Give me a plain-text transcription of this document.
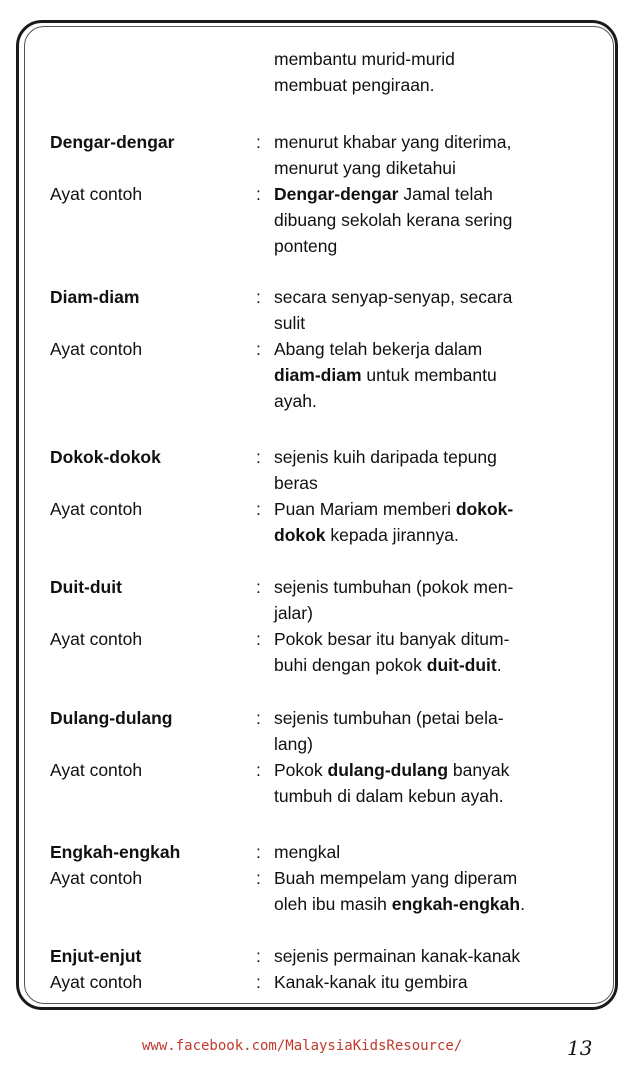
membantu murid-murid
membuat pengiraan.
Dengar-dengar	: menurut khabar yang diterima,
menurut yang diketahui
Ayat contoh	: Dengar-dengar Jamal telah
dibuang sekolah kerana sering
ponteng
Diam-diam	: secara senyap-senyap, secara
sulit
Ayat contoh	: Abang telah bekerja dalam
diam-diam untuk membantu
ayah.
Dokok-dokok	: sejenis kuih daripada tepung
beras
Ayat contoh	: Puan Mariam memberi dokok-
dokok kepada jirannya.
Duit-duit	: sejenis tumbuhan (pokok men-
jalar)
Ayat contoh	: Pokok besar itu banyak ditum-
buhi dengan pokok duit-duit.
Dulang-dulang	: sejenis tumbuhan (petai bela-
lang)
Ayat contoh	: Pokok dulang-dulang banyak
tumbuh di dalam kebun ayah.
Engkah-engkah	: mengkal
Ayat contoh	: Buah mempelam yang diperam
oleh ibu masih engkah-engkah.
Enjut-enjut	: sejenis permainan kanak-kanak
Ayat contoh	: Kanak-kanak itu gembira
www.facebook.com/MalaysiaKidsResource/	13
